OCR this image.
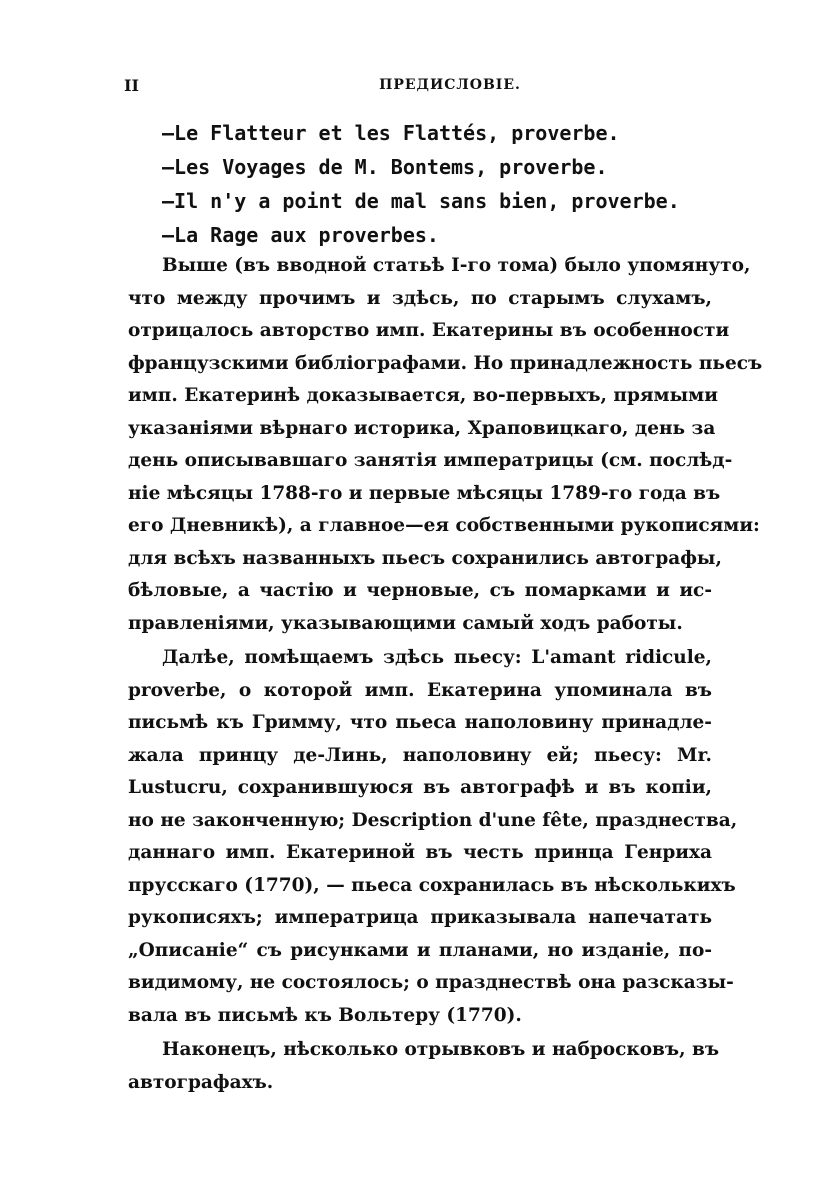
II	ПРЕДИСЛОВІЕ.
—Le Flatteur et les Flattés, proverbe.
—Les Voyages de M. Bontems, proverbe.
—Il n'y a point de mal sans bien, proverbe.
—La Rage aux proverbes.
Выше (въ вводной статьѣ I-го тома) было упомянуто,
что между прочимъ и здѣсь, по старымъ слухамъ,
отрицалось авторство имп. Екатерины въ особенности
французскими библіографами. Но принадлежность пьесъ
имп. Екатеринѣ доказывается, во-первыхъ, прямыми
указаніями вѣрнаго историка, Храповицкаго, день за
день описывавшаго занятія императрицы (см. послѣд-
ніе мѣсяцы 1788-го и первые мѣсяцы 1789-го года въ
его Дневникѣ), а главное—ея собственными рукописями:
для всѣхъ названныхъ пьесъ сохранились автографы,
бѣловые, а частію и черновые, съ помарками и ис-
правленіями, указывающими самый ходъ работы.
Далѣе, помѣщаемъ здѣсь пьесу: L'amant ridicule,
proverbe, о которой имп. Екатерина упоминала въ
письмѣ къ Гримму, что пьеса наполовину принадле-
жала принцу де-Линь, наполовину ей; пьесу: Mr.
Lustucru, сохранившуюся въ автографѣ и въ копіи,
но не законченную; Description d'une fête, празднества,
даннаго имп. Екатериной въ честь принца Генриха
прусскаго (1770), — пьеса сохранилась въ нѣсколькихъ
рукописяхъ; императрица приказывала напечатать
„Описаніе“ съ рисунками и планами, но изданіе, по-
видимому, не состоялось; о празднествѣ она разсказы-
вала въ письмѣ къ Вольтеру (1770).
Наконецъ, нѣсколько отрывковъ и набросковъ, въ
автографахъ.
